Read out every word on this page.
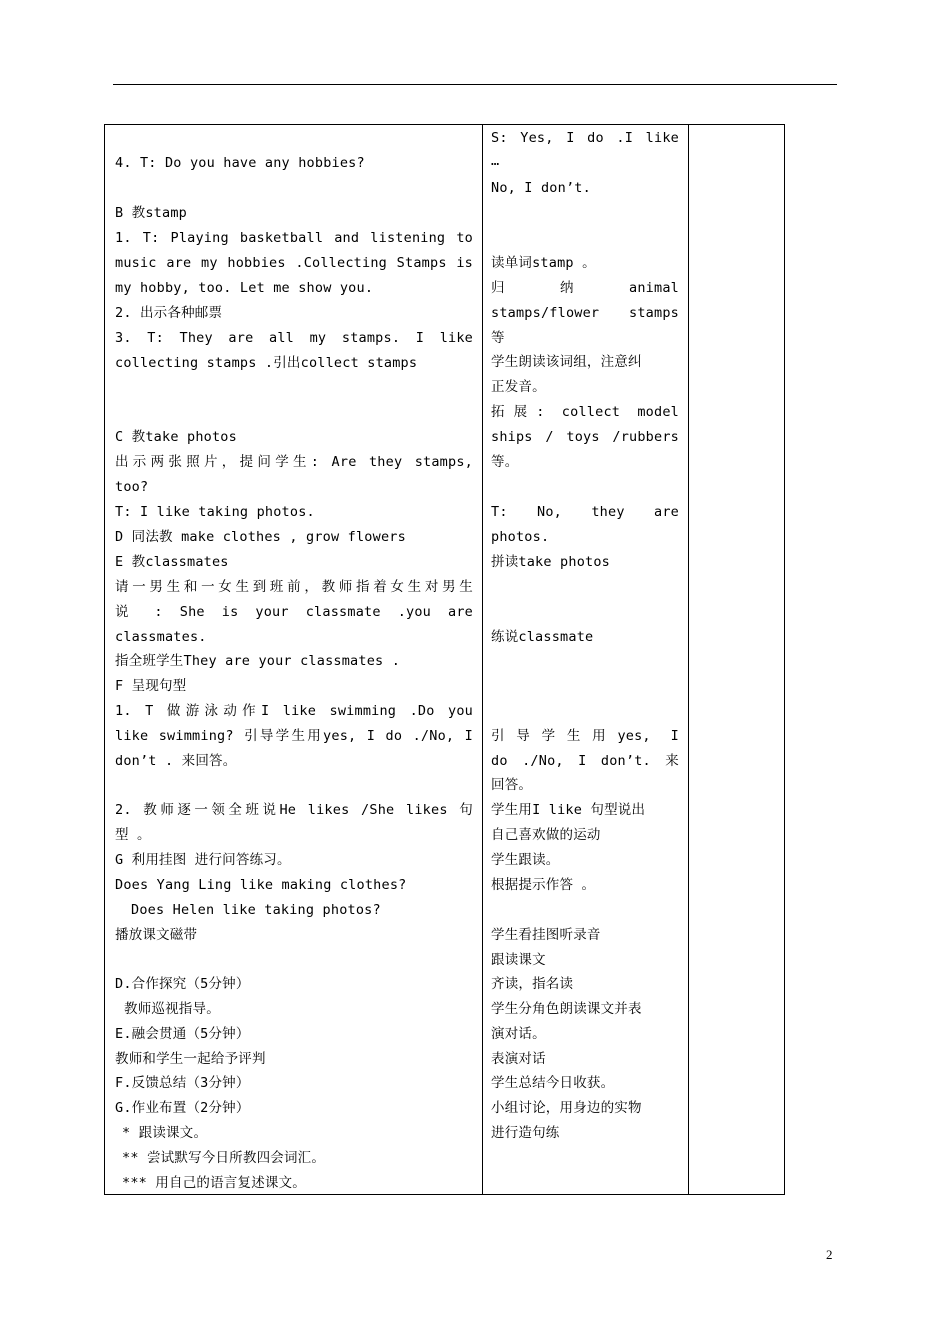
4. T: Do you have any hobbies?
B 教stamp
1. T: Playing basketball and listening to
music are my hobbies .Collecting Stamps is
my hobby, too. Let me show you.
2. 出示各种邮票
3. T: They are all my stamps. I like
collecting stamps .引出collect stamps
C 教take photos
出示两张照片，提问学生: Are they stamps,
too?
T: I like taking photos.
D 同法教 make clothes , grow flowers
E 教classmates
请一男生和一女生到班前，教师指着女生对男生
说 : She is your classmate .you are
classmates.
指全班学生They are your classmates .
F 呈现句型
1. T 做游泳动作I like swimming .Do you
like swimming? 引导学生用yes, I do ./No, I
don’t . 来回答。
2. 教师逐一领全班说He likes /She likes 句
型 。
G 利用挂图 进行问答练习。
Does Yang Ling like making clothes?
Does Helen like taking photos?
播放课文磁带
D.合作探究（5分钟）
教师巡视指导。
E.融会贯通（5分钟）
教师和学生一起给予评判
F.反馈总结（3分钟）
G.作业布置（2分钟）
* 跟读课文。
** 尝试默写今日所教四会词汇。
*** 用自己的语言复述课文。
S: Yes, I do .I like
…
No, I don’t.
读单词stamp 。
归 纳 animal
stamps/flower stamps
等
学生朗读该词组，注意纠
正发音。
拓展: collect model
ships / toys /rubbers
等。
T: No, they are
photos.
拼读take photos
练说classmate
引导学生用yes, I
do ./No, I don’t. 来
回答。
学生用I like 句型说出
自己喜欢做的运动
学生跟读。
根据提示作答 。
学生看挂图听录音
跟读课文
齐读，指名读
学生分角色朗读课文并表
演对话。
表演对话
学生总结今日收获。
小组讨论，用身边的实物
进行造句练
2
